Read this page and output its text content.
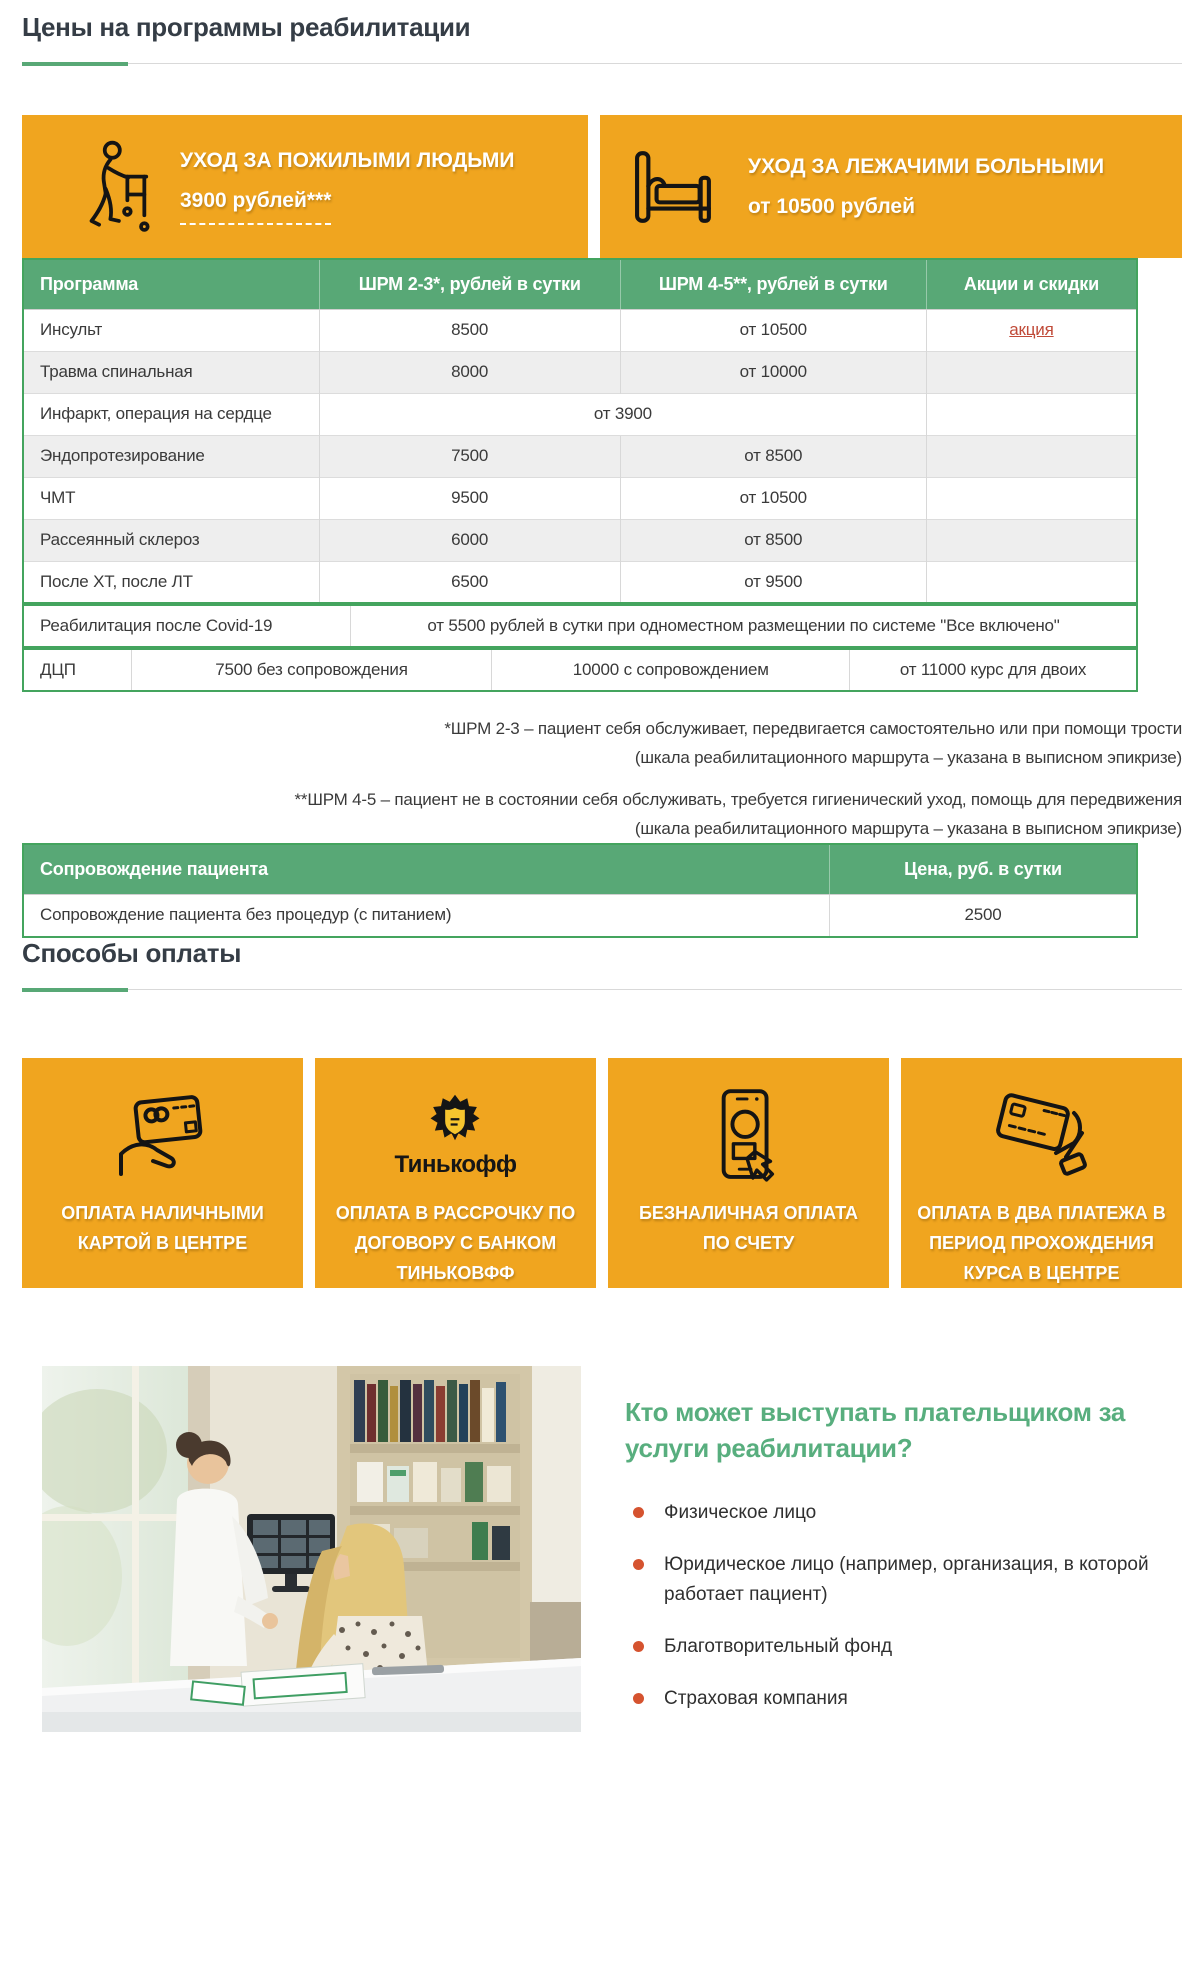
Цены на программы реабилитации
УХОД ЗА ПОЖИЛЫМИ ЛЮДЬМИ
3900 рублей***
УХОД ЗА ЛЕЖАЧИМИ БОЛЬНЫМИ
от 10500 рублей
Программа	ШРМ 2-3*, рублей в сутки	ШРМ 4-5**, рублей в сутки	Акции и скидки
Инсульт	8500	от 10500	акция
Травма спинальная	8000	от 10000	
Инфаркт, операция на сердце	от 3900		
Эндопротезирование	7500	от 8500	
ЧМТ	9500	от 10500	
Рассеянный склероз	6000	от 8500	
После ХТ, после ЛТ	6500	от 9500	
Реабилитация после Covid-19	от 5500 рублей в сутки при одноместном размещении по системе "Все включено"
ДЦП	7500 без сопровождения	10000 с сопровождением	от 11000 курс для двоих

*ШРМ 2-3 – пациент себя обслуживает, передвигается самостоятельно или при помощи трости
(шкала реабилитационного маршрута – указана в выписном эпикризе)

**ШРМ 4-5 – пациент не в состоянии себя обслуживать, требуется гигиенический уход, помощь для передвижения
(шкала реабилитационного маршрута – указана в выписном эпикризе)

Сопровождение пациента	Цена, руб. в сутки
Сопровождение пациента без процедур (с питанием)	2500
Способы оплаты
ОПЛАТА НАЛИЧНЫМИ КАРТОЙ В ЦЕНТРЕ
Тинькофф
ОПЛАТА В РАССРОЧКУ ПО ДОГОВОРУ С БАНКОМ ТИНЬКОВФФ
БЕЗНАЛИЧНАЯ ОПЛАТА ПО СЧЕТУ
ОПЛАТА В ДВА ПЛАТЕЖА В ПЕРИОД ПРОХОЖДЕНИЯ КУРСА В ЦЕНТРЕ
Кто может выступать плательщиком за услуги реабилитации?
Физическое лицо
Юридическое лицо (например, организация, в которой работает пациент)
Благотворительный фонд
Страховая компания
